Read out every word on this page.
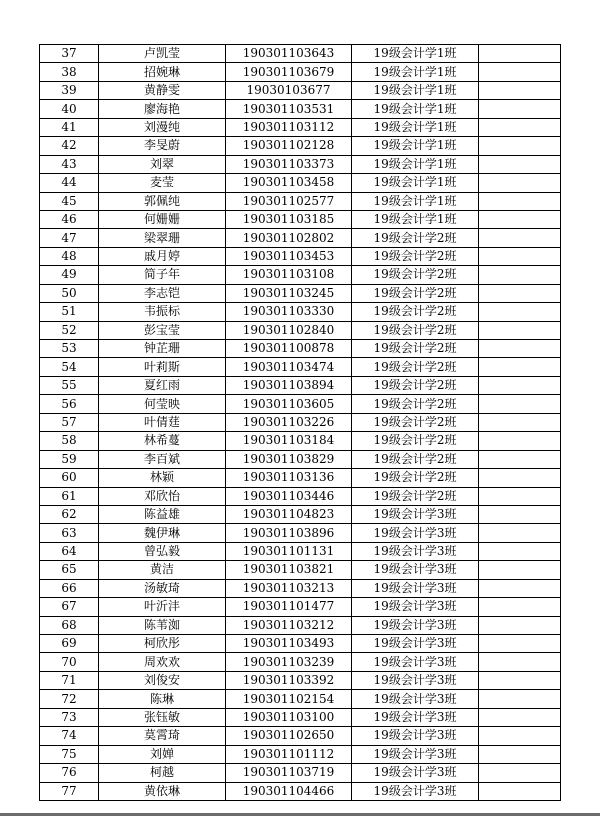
37	卢凯莹	190301103643	19级会计学1班	
38	招婉琳	190301103679	19级会计学1班	
39	黄静雯	19030103677	19级会计学1班	
40	廖海艳	190301103531	19级会计学1班	
41	刘漫纯	190301103112	19级会计学1班	
42	李旻蔚	190301102128	19级会计学1班	
43	刘翠	190301103373	19级会计学1班	
44	麦莹	190301103458	19级会计学1班	
45	郭佩纯	190301102577	19级会计学1班	
46	何姗姗	190301103185	19级会计学1班	
47	梁翠珊	190301102802	19级会计学2班	
48	戚月婷	190301103453	19级会计学2班	
49	简子年	190301103108	19级会计学2班	
50	李志铠	190301103245	19级会计学2班	
51	韦振标	190301103330	19级会计学2班	
52	彭宝莹	190301102840	19级会计学2班	
53	钟芷珊	190301100878	19级会计学2班	
54	叶莉斯	190301103474	19级会计学2班	
55	夏红雨	190301103894	19级会计学2班	
56	何莹映	190301103605	19级会计学2班	
57	叶倩莛	190301103226	19级会计学2班	
58	林希蔓	190301103184	19级会计学2班	
59	李百斌	190301103829	19级会计学2班	
60	林颖	190301103136	19级会计学2班	
61	邓欣怡	190301103446	19级会计学2班	
62	陈益雄	190301104823	19级会计学3班	
63	魏伊琳	190301103896	19级会计学3班	
64	曾弘毅	190301101131	19级会计学3班	
65	黄洁	190301103821	19级会计学3班	
66	汤敏琦	190301103213	19级会计学3班	
67	叶沂沣	190301101477	19级会计学3班	
68	陈苇洳	190301103212	19级会计学3班	
69	柯欣彤	190301103493	19级会计学3班	
70	周欢欢	190301103239	19级会计学3班	
71	刘俊安	190301103392	19级会计学3班	
72	陈琳	190301102154	19级会计学3班	
73	张钰敏	190301103100	19级会计学3班	
74	莫霄琦	190301102650	19级会计学3班	
75	刘婵	190301101112	19级会计学3班	
76	柯越	190301103719	19级会计学3班	
77	黄依琳	190301104466	19级会计学3班	
